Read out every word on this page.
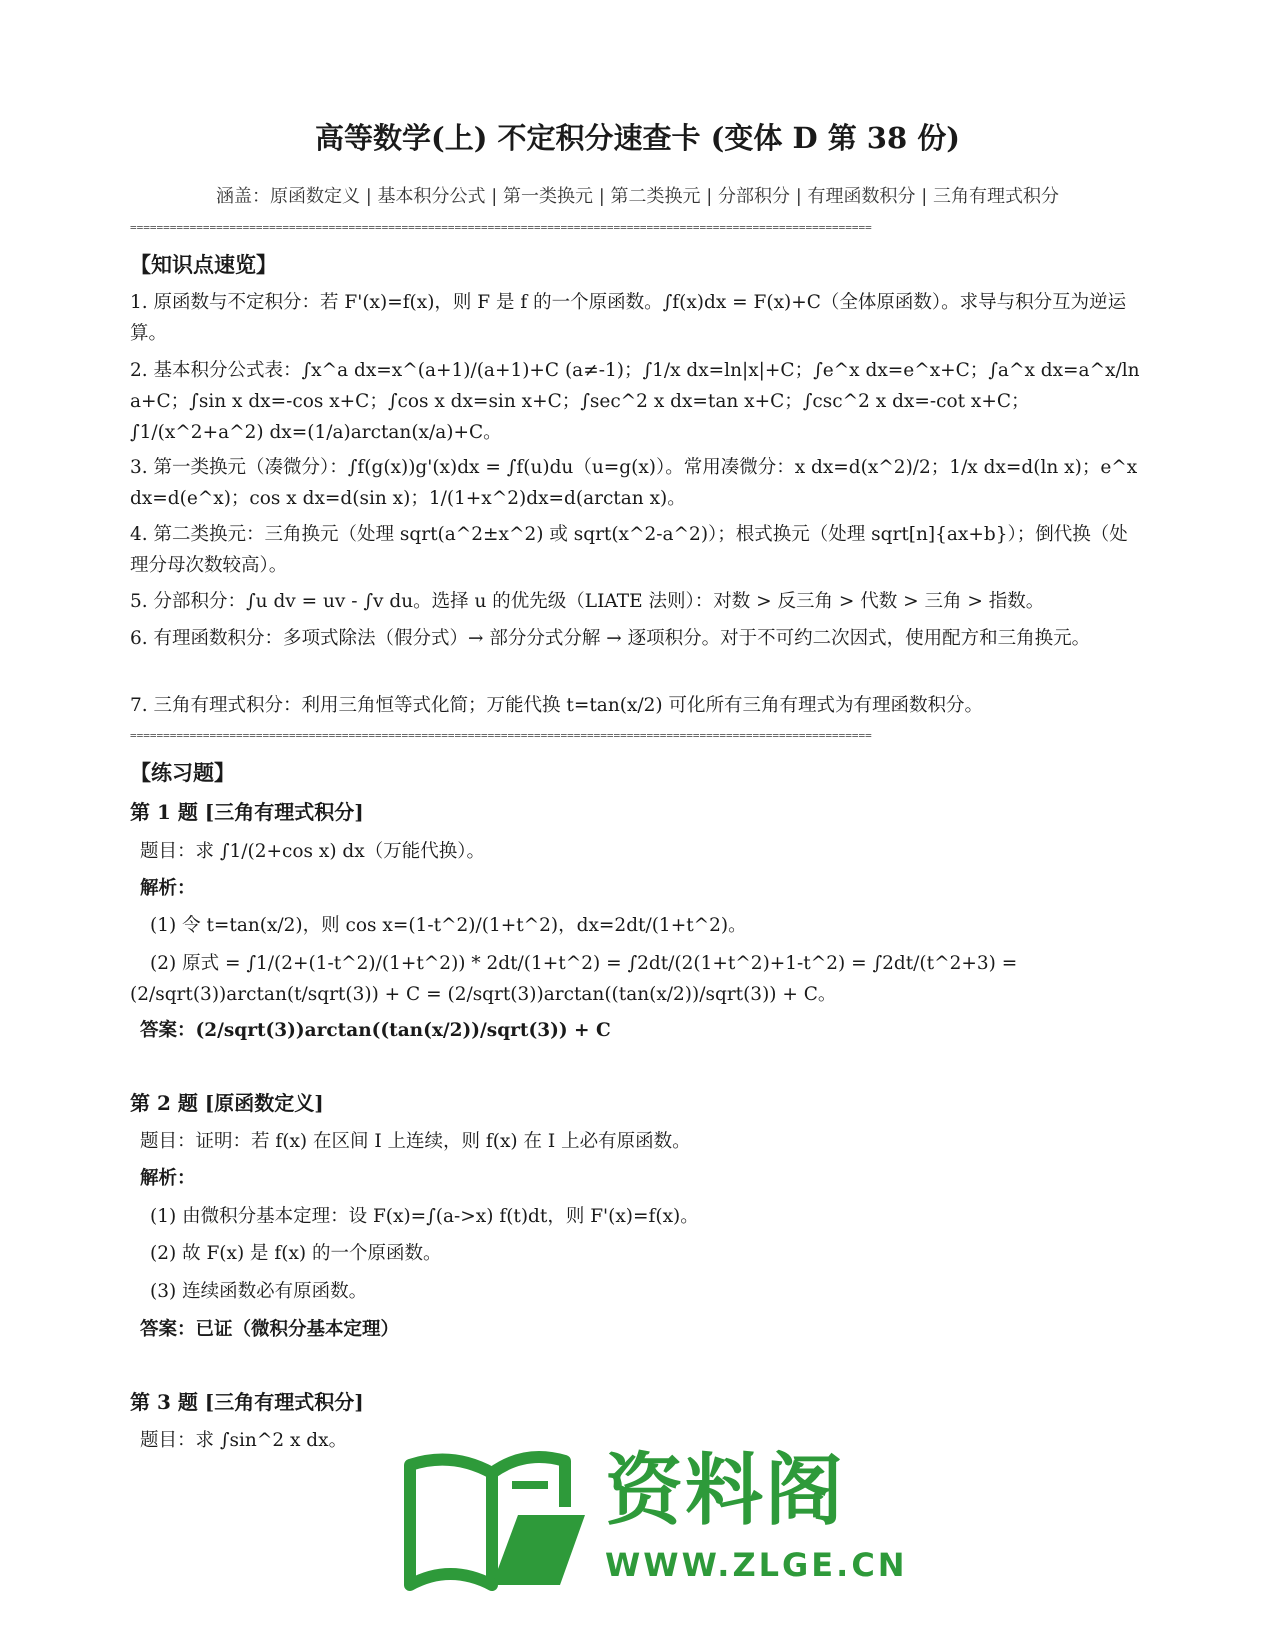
高等数学(上) 不定积分速查卡 (变体 D 第 38 份)
涵盖：原函数定义 | 基本积分公式 | 第一类换元 | 第二类换元 | 分部积分 | 有理函数积分 | 三角有理式积分
================================================================================================================
【知识点速览】
1. 原函数与不定积分：若 F'(x)=f(x)，则 F 是 f 的一个原函数。∫f(x)dx = F(x)+C（全体原函数）。求导与积分互为逆运算。
2. 基本积分公式表：∫x^a dx=x^(a+1)/(a+1)+C (a≠-1)；∫1/x dx=ln|x|+C；∫e^x dx=e^x+C；∫a^x dx=a^x/ln a+C；∫sin x dx=-cos x+C；∫cos x dx=sin x+C；∫sec^2 x dx=tan x+C；∫csc^2 x dx=-cot x+C；∫1/(x^2+a^2) dx=(1/a)arctan(x/a)+C。
3. 第一类换元（凑微分）：∫f(g(x))g'(x)dx = ∫f(u)du（u=g(x)）。常用凑微分：x dx=d(x^2)/2；1/x dx=d(ln x)；e^x dx=d(e^x)；cos x dx=d(sin x)；1/(1+x^2)dx=d(arctan x)。
4. 第二类换元：三角换元（处理 sqrt(a^2±x^2) 或 sqrt(x^2-a^2)）；根式换元（处理 sqrt[n]{ax+b}）；倒代换（处理分母次数较高）。
5. 分部积分：∫u dv = uv - ∫v du。选择 u 的优先级（LIATE 法则）：对数 > 反三角 > 代数 > 三角 > 指数。
6. 有理函数积分：多项式除法（假分式）→ 部分分式分解 → 逐项积分。对于不可约二次因式，使用配方和三角换元。
7. 三角有理式积分：利用三角恒等式化简；万能代换 t=tan(x/2) 可化所有三角有理式为有理函数积分。
================================================================================================================
【练习题】
第 1 题 [三角有理式积分]
题目：求 ∫1/(2+cos x) dx（万能代换）。
解析：
(1) 令 t=tan(x/2)，则 cos x=(1-t^2)/(1+t^2)，dx=2dt/(1+t^2)。
(2) 原式 = ∫1/(2+(1-t^2)/(1+t^2)) * 2dt/(1+t^2) = ∫2dt/(2(1+t^2)+1-t^2) = ∫2dt/(t^2+3) = (2/sqrt(3))arctan(t/sqrt(3)) + C = (2/sqrt(3))arctan((tan(x/2))/sqrt(3)) + C。
答案：(2/sqrt(3))arctan((tan(x/2))/sqrt(3)) + C
第 2 题 [原函数定义]
题目：证明：若 f(x) 在区间 I 上连续，则 f(x) 在 I 上必有原函数。
解析：
(1) 由微积分基本定理：设 F(x)=∫(a->x) f(t)dt，则 F'(x)=f(x)。
(2) 故 F(x) 是 f(x) 的一个原函数。
(3) 连续函数必有原函数。
答案：已证（微积分基本定理）
第 3 题 [三角有理式积分]
题目：求 ∫sin^2 x dx。
资料阁
WWW.ZLGE.CN
